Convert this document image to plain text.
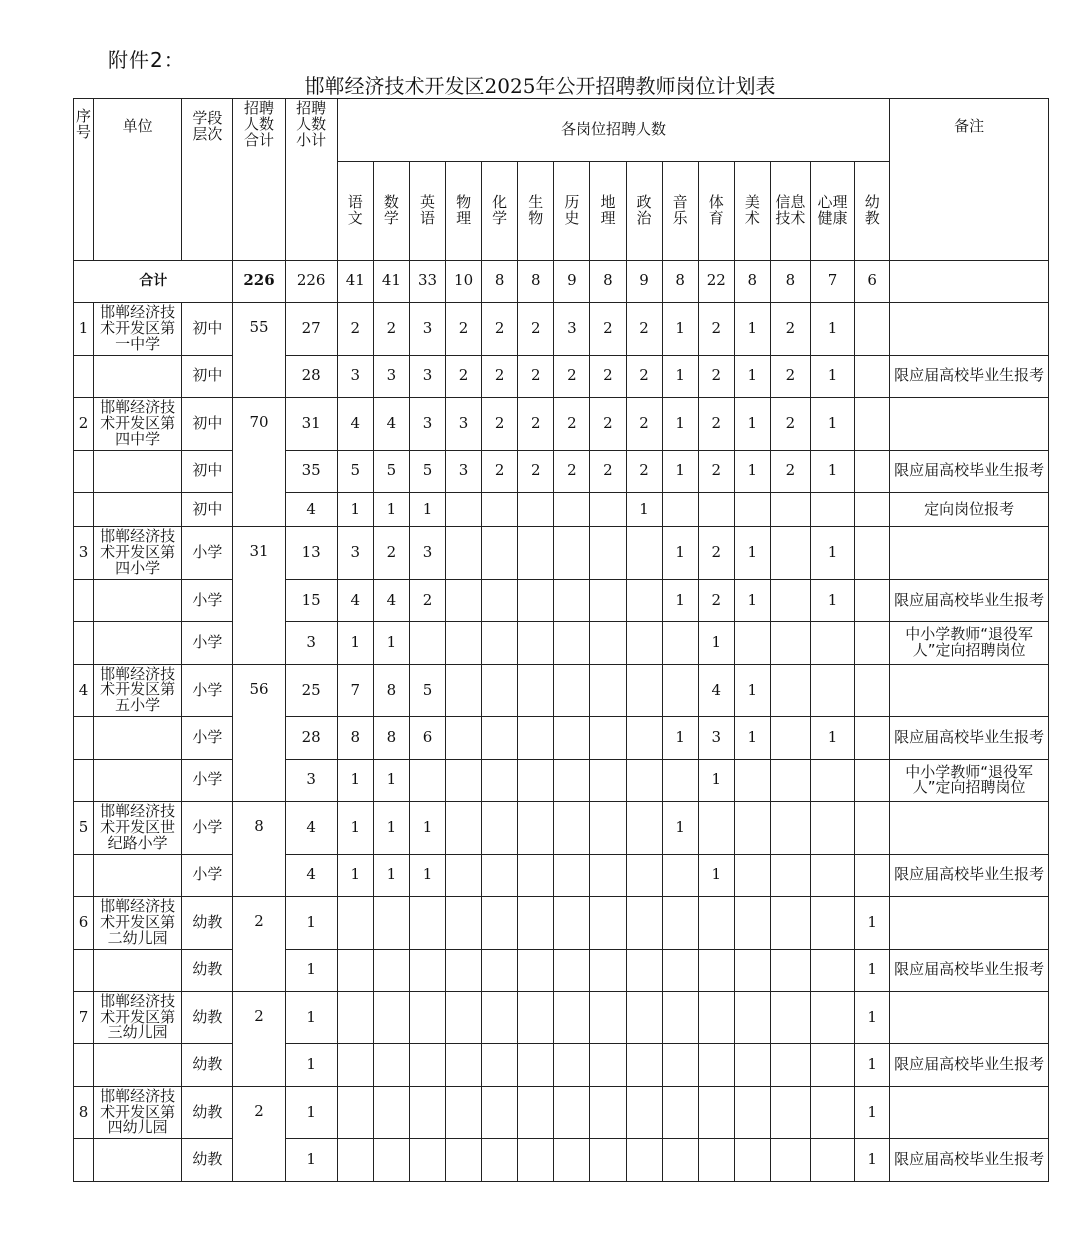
附件2：
邯郸经济技术开发区2025年公开招聘教师岗位计划表
序号	单位	学段层次	招聘人数合计	招聘人数小计	各岗位招聘人数															备注
					语文	数学	英语	物理	化学	生物	历史	地理	政治	音乐	体育	美术	信息技术	心理健康	幼教	
合计			226	226	41	41	33	10	8	8	9	8	9	8	22	8	8	7	6	
1	邯郸经济技术开发区第一中学	初中	55	27	2	2	3	2	2	2	3	2	2	1	2	1	2	1		
		初中		28	3	3	3	2	2	2	2	2	2	1	2	1	2	1		限应届高校毕业生报考
2	邯郸经济技术开发区第四中学	初中	70	31	4	4	3	3	2	2	2	2	2	1	2	1	2	1		
		初中		35	5	5	5	3	2	2	2	2	2	1	2	1	2	1		限应届高校毕业生报考
		初中		4	1	1	1						1							定向岗位报考
3	邯郸经济技术开发区第四小学	小学	31	13	3	2	3							1	2	1		1		
		小学		15	4	4	2							1	2	1		1		限应届高校毕业生报考
		小学		3	1	1									1					中小学教师“退役军人”定向招聘岗位
4	邯郸经济技术开发区第五小学	小学	56	25	7	8	5								4	1				
		小学		28	8	8	6							1	3	1		1		限应届高校毕业生报考
		小学		3	1	1									1					中小学教师“退役军人”定向招聘岗位
5	邯郸经济技术开发区世纪路小学	小学	8	4	1	1	1							1						
		小学		4	1	1	1								1					限应届高校毕业生报考
6	邯郸经济技术开发区第二幼儿园	幼教	2	1															1	
		幼教		1															1	限应届高校毕业生报考
7	邯郸经济技术开发区第三幼儿园	幼教	2	1															1	
		幼教		1															1	限应届高校毕业生报考
8	邯郸经济技术开发区第四幼儿园	幼教	2	1															1	
		幼教		1															1	限应届高校毕业生报考
